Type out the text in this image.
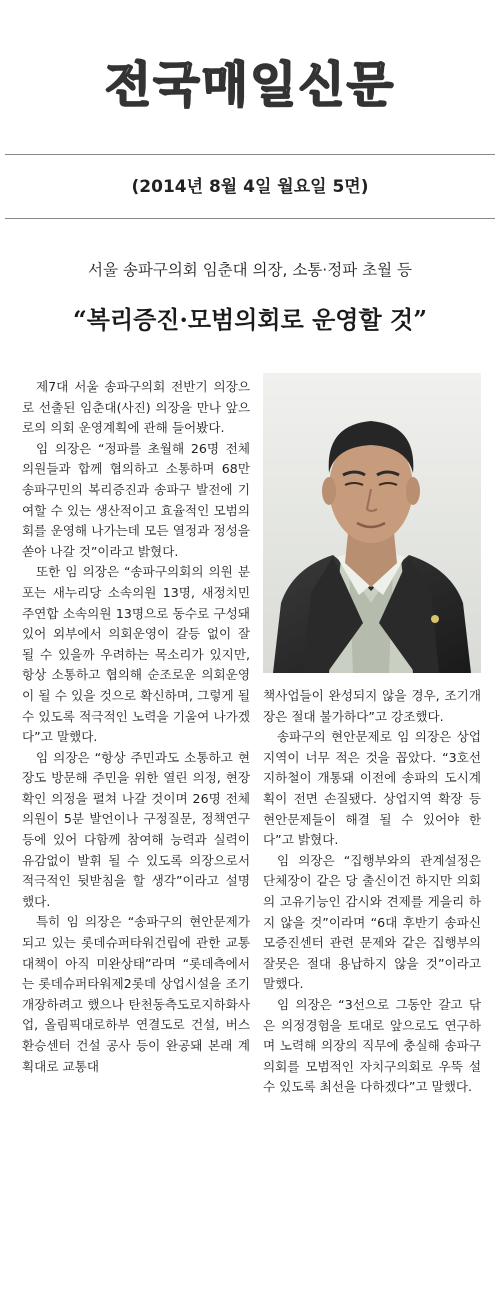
전국매일신문
(2014년 8월 4일 월요일 5면)
서울 송파구의회 임춘대 의장, 소통·정파 초월 등
“복리증진·모범의회로 운영할 것”

제7대 서울 송파구의회 전반기 의장으로 선출된 임춘대(사진) 의장을 만나 앞으로의 의회 운영계획에 관해 들어봤다.

임 의장은 “정파를 초월해 26명 전체 의원들과 합께 협의하고 소통하며 68만 송파구민의 복리증진과 송파구 발전에 기여할 수 있는 생산적이고 효율적인 모범의회를 운영해 나가는데 모든 열정과 정성을 쏟아 나갈 것”이라고 밝혔다.

또한 임 의장은 “송파구의회의 의원 분포는 새누리당 소속의원 13명, 새정치민주연합 소속의원 13명으로 동수로 구성돼 있어 외부에서 의회운영이 갈등 없이 잘 될 수 있을까 우려하는 목소리가 있지만, 항상 소통하고 협의해 순조로운 의회운영이 될 수 있을 것으로 확신하며, 그렇게 될 수 있도록 적극적인 노력을 기울여 나가겠다”고 말했다.

임 의장은 “항상 주민과도 소통하고 현장도 방문해 주민을 위한 열린 의정, 현장 확인 의정을 펼쳐 나갈 것이며 26명 전체의원이 5분 발언이나 구정질문, 정책연구 등에 있어 다함께 참여해 능력과 실력이 유감없이 발휘 될 수 있도록 의장으로서 적극적인 뒷받침을 할 생각”이라고 설명했다.

특히 임 의장은 “송파구의 현안문제가 되고 있는 롯데슈퍼타워건립에 관한 교통대책이 아직 미완상태”라며 “롯데측에서는 롯데슈퍼타워제2롯데 상업시설을 조기 개장하려고 했으나 탄천동측도로지하화사업, 올림픽대로하부 연결도로 건설, 버스환승센터 건설 공사 등이 완공돼 본래 계획대로 교통대

책사업들이 완성되지 않을 경우, 조기개장은 절대 불가하다”고 강조했다.

송파구의 현안문제로 임 의장은 상업지역이 너무 적은 것을 꼽았다. “3호선 지하철이 개통돼 이전에 송파의 도시계획이 전면 손질됐다. 상업지역 확장 등 현안문제들이 해결 될 수 있어야 한다”고 밝혔다.

임 의장은 “집행부와의 관계설정은 단체장이 같은 당 출신이건 하지만 의회의 고유기능인 감시와 견제를 게을리 하지 않을 것”이라며 “6대 후반기 송파신모증진센터 관련 문제와 같은 집행부의 잘못은 절대 용납하지 않을 것”이라고 말했다.

임 의장은 “3선으로 그동안 갈고 닦은 의정경험을 토대로 앞으로도 연구하며 노력해 의장의 직무에 충실해 송파구의회를 모범적인 자치구의회로 우뚝 설 수 있도록 최선을 다하겠다”고 말했다.
